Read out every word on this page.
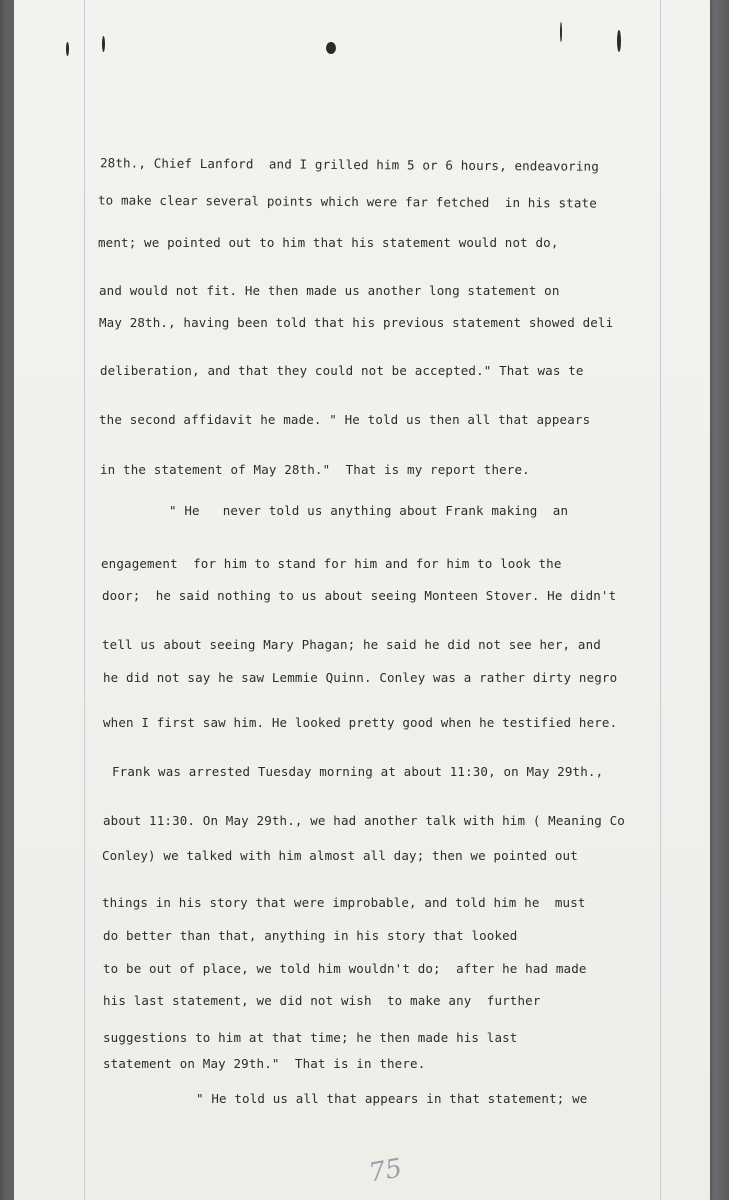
28th., Chief Lanford  and I grilled him 5 or 6 hours, endeavoring
to make clear several points which were far fetched  in his state
ment; we pointed out to him that his statement would not do,
and would not fit. He then made us another long statement on
May 28th., having been told that his previous statement showed deli
deliberation, and that they could not be accepted." That was te
the second affidavit he made. " He told us then all that appears
in the statement of May 28th."  That is my report there.
" He   never told us anything about Frank making  an
engagement  for him to stand for him and for him to look the
door;  he said nothing to us about seeing Monteen Stover. He didn't
tell us about seeing Mary Phagan; he said he did not see her, and
he did not say he saw Lemmie Quinn. Conley was a rather dirty negro
when I first saw him. He looked pretty good when he testified here.
Frank was arrested Tuesday morning at about 11:30, on May 29th.,
about 11:30. On May 29th., we had another talk with him ( Meaning Co
Conley) we talked with him almost all day; then we pointed out
things in his story that were improbable, and told him he  must
do better than that, anything in his story that looked
to be out of place, we told him wouldn't do;  after he had made
his last statement, we did not wish  to make any  further
suggestions to him at that time; he then made his last
statement on May 29th."  That is in there.
" He told us all that appears in that statement; we
75
